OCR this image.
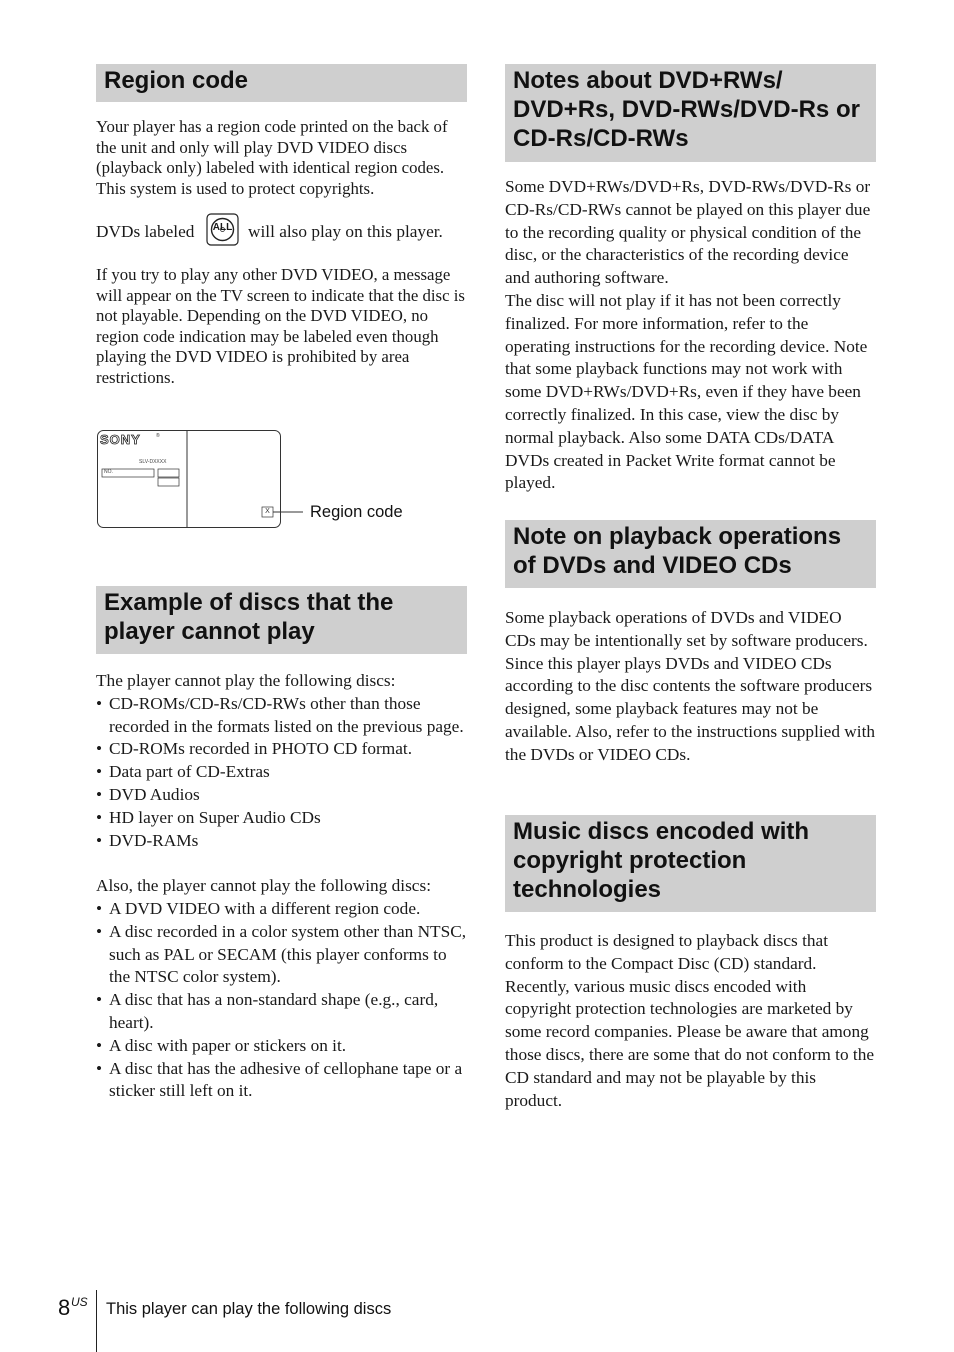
Region code

Your player has a region code printed on the back of the unit and only will play DVD VIDEO discs (playback only) labeled with identical region codes. This system is used to protect copyrights.

DVDs labeled	ALL will also play on this player.

If you try to play any other DVD VIDEO, a message will appear on the TV screen to indicate that the disc is not playable. Depending on the DVD VIDEO, no region code indication may be labeled even though playing the DVD VIDEO is prohibited by area restrictions.

SONY	®
SLV-DXXXX
NO.
X Region code
Example of discs that the player cannot play
The player cannot play the following discs:
• CD-ROMs/CD-Rs/CD-RWs other than those recorded in the formats listed on the previous page.
• CD-ROMs recorded in PHOTO CD format.
• Data part of CD-Extras
• DVD Audios
• HD layer on Super Audio CDs
• DVD-RAMs
Also, the player cannot play the following discs:
• A DVD VIDEO with a different region code.
• A disc recorded in a color system other than NTSC, such as PAL or SECAM (this player conforms to the NTSC color system).
• A disc that has a non-standard shape (e.g., card, heart).
• A disc with paper or stickers on it.
• A disc that has the adhesive of cellophane tape or a sticker still left on it.
Notes about DVD+RWs/ DVD+Rs, DVD-RWs/DVD-Rs or CD-Rs/CD-RWs
Some DVD+RWs/DVD+Rs, DVD-RWs/DVD-Rs or CD-Rs/CD-RWs cannot be played on this player due to the recording quality or physical condition of the disc, or the characteristics of the recording device and authoring software.
The disc will not play if it has not been correctly finalized. For more information, refer to the operating instructions for the recording device. Note that some playback functions may not work with some DVD+RWs/DVD+Rs, even if they have been correctly finalized. In this case, view the disc by normal playback. Also some DATA CDs/DATA DVDs created in Packet Write format cannot be played.
Note on playback operations of DVDs and VIDEO CDs

Some playback operations of DVDs and VIDEO CDs may be intentionally set by software producers. Since this player plays DVDs and VIDEO CDs according to the disc contents the software producers designed, some playback features may not be available. Also, refer to the instructions supplied with the DVDs or VIDEO CDs.

Music discs encoded with copyright protection technologies

This product is designed to playback discs that conform to the Compact Disc (CD) standard. Recently, various music discs encoded with copyright protection technologies are marketed by some record companies. Please be aware that among those discs, there are some that do not conform to the CD standard and may not be playable by this product.

8 US This player can play the following discs
